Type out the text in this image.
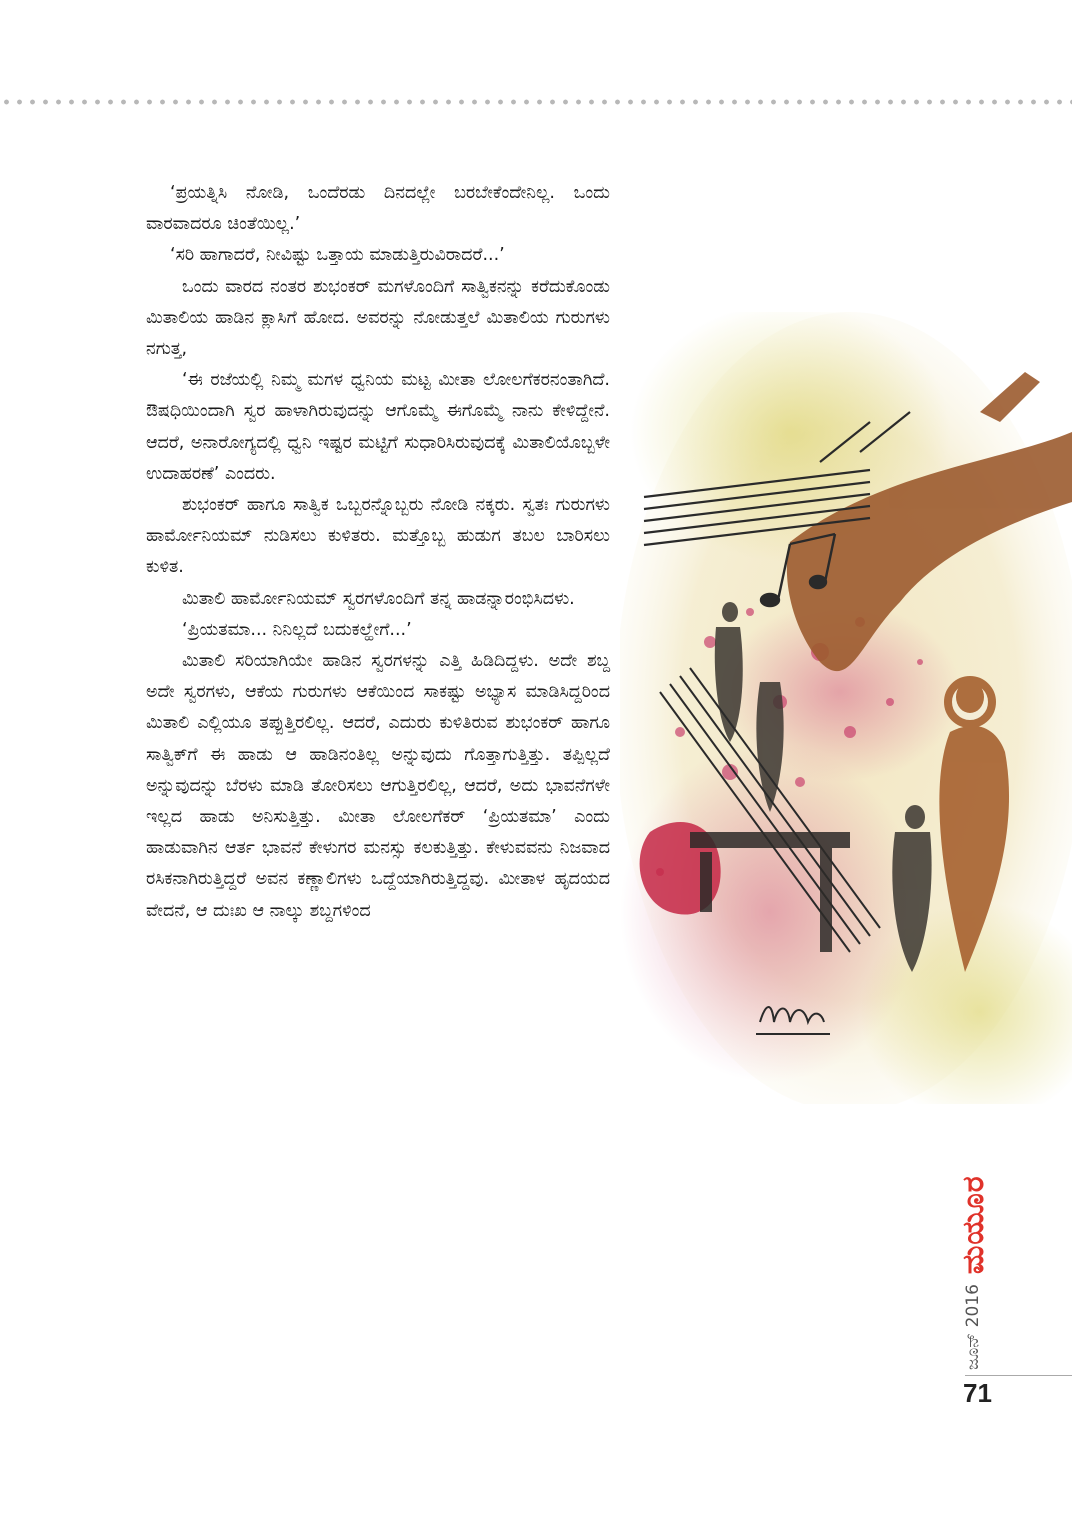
‘ಪ್ರಯತ್ನಿಸಿ ನೋಡಿ, ಒಂದೆರಡು ದಿನದಲ್ಲೇ ಬರಬೇಕೆಂದೇನಿಲ್ಲ. ಒಂದು ವಾರವಾದರೂ ಚಿಂತೆಯಿಲ್ಲ.’

‘ಸರಿ ಹಾಗಾದರೆ, ನೀವಿಷ್ಟು ಒತ್ತಾಯ ಮಾಡುತ್ತಿರುವಿರಾದರೆ...’

ಒಂದು ವಾರದ ನಂತರ ಶುಭಂಕರ್ ಮಗಳೊಂದಿಗೆ ಸಾತ್ವಿಕನನ್ನು ಕರೆದುಕೊಂಡು ಮಿತಾಲಿಯ ಹಾಡಿನ ಕ್ಲಾಸಿಗೆ ಹೋದ. ಅವರನ್ನು ನೋಡುತ್ತಲೆ ಮಿತಾಲಿಯ ಗುರುಗಳು ನಗುತ್ತ,

‘ಈ ರಜೆಯಲ್ಲಿ ನಿಮ್ಮ ಮಗಳ ಧ್ವನಿಯ ಮಟ್ಟ ಮೀತಾ ಲೋಲಗೆಕರನಂತಾಗಿದೆ. ಔಷಧಿಯಿಂದಾಗಿ ಸ್ವರ ಹಾಳಾಗಿರುವುದನ್ನು ಆಗೊಮ್ಮೆ ಈಗೊಮ್ಮೆ ನಾನು ಕೇಳಿದ್ದೇನೆ. ಆದರೆ, ಅನಾರೋಗ್ಯದಲ್ಲಿ ಧ್ವನಿ ಇಷ್ಟರ ಮಟ್ಟಿಗೆ ಸುಧಾರಿಸಿರುವುದಕ್ಕೆ ಮಿತಾಲಿಯೊಬ್ಬಳೇ ಉದಾಹರಣೆ’ ಎಂದರು.

ಶುಭಂಕರ್ ಹಾಗೂ ಸಾತ್ವಿಕ ಒಬ್ಬರನ್ನೊಬ್ಬರು ನೋಡಿ ನಕ್ಕರು. ಸ್ವತಃ ಗುರುಗಳು ಹಾರ್ಮೋನಿಯಮ್ ನುಡಿಸಲು ಕುಳಿತರು. ಮತ್ತೊಬ್ಬ ಹುಡುಗ ತಬಲ ಬಾರಿಸಲು ಕುಳಿತ.

ಮಿತಾಲಿ ಹಾರ್ಮೋನಿಯಮ್ ಸ್ವರಗಳೊಂದಿಗೆ ತನ್ನ ಹಾಡನ್ನಾರಂಭಿಸಿದಳು.

‘ಪ್ರಿಯತಮಾ... ನಿನಿಲ್ಲದೆ ಬದುಕಲ್ಹೇಗೆ...’

ಮಿತಾಲಿ ಸರಿಯಾಗಿಯೇ ಹಾಡಿನ ಸ್ವರಗಳನ್ನು ಎತ್ತಿ ಹಿಡಿದಿದ್ದಳು. ಅದೇ ಶಬ್ದ ಅದೇ ಸ್ವರಗಳು, ಆಕೆಯ ಗುರುಗಳು ಆಕೆಯಿಂದ ಸಾಕಷ್ಟು ಅಭ್ಯಾಸ ಮಾಡಿಸಿದ್ದರಿಂದ ಮಿತಾಲಿ ಎಲ್ಲಿಯೂ ತಪ್ಪುತ್ತಿರಲಿಲ್ಲ. ಆದರೆ, ಎದುರು ಕುಳಿತಿರುವ ಶುಭಂಕರ್ ಹಾಗೂ ಸಾತ್ವಿಕ್‌ಗೆ ಈ ಹಾಡು ಆ ಹಾಡಿನಂತಿಲ್ಲ ಅನ್ನುವುದು ಗೊತ್ತಾಗುತ್ತಿತ್ತು. ತಪ್ಪಿಲ್ಲದೆ ಅನ್ನುವುದನ್ನು ಬೆರಳು ಮಾಡಿ ತೋರಿಸಲು ಆಗುತ್ತಿರಲಿಲ್ಲ, ಆದರೆ, ಅದು ಭಾವನೆಗಳೇ ಇಲ್ಲದ ಹಾಡು ಅನಿಸುತ್ತಿತ್ತು. ಮೀತಾ ಲೋಲಗೆಕರ್ ‘ಪ್ರಿಯತಮಾ’ ಎಂದು ಹಾಡುವಾಗಿನ ಆರ್ತ ಭಾವನೆ ಕೇಳುಗರ ಮನಸ್ಸು ಕಲಕುತ್ತಿತ್ತು. ಕೇಳುವವನು ನಿಜವಾದ ರಸಿಕನಾಗಿರುತ್ತಿದ್ದರೆ ಅವನ ಕಣ್ಣಾಲಿಗಳು ಒದ್ದೆಯಾಗಿರುತ್ತಿದ್ದವು. ಮೀತಾಳ ಹೃದಯದ ವೇದನೆ, ಆ ದುಃಖ ಆ ನಾಲ್ಕು ಶಬ್ದಗಳಿಂದ

ಮಯೂರ
ಜೂನ್ 2016
71
